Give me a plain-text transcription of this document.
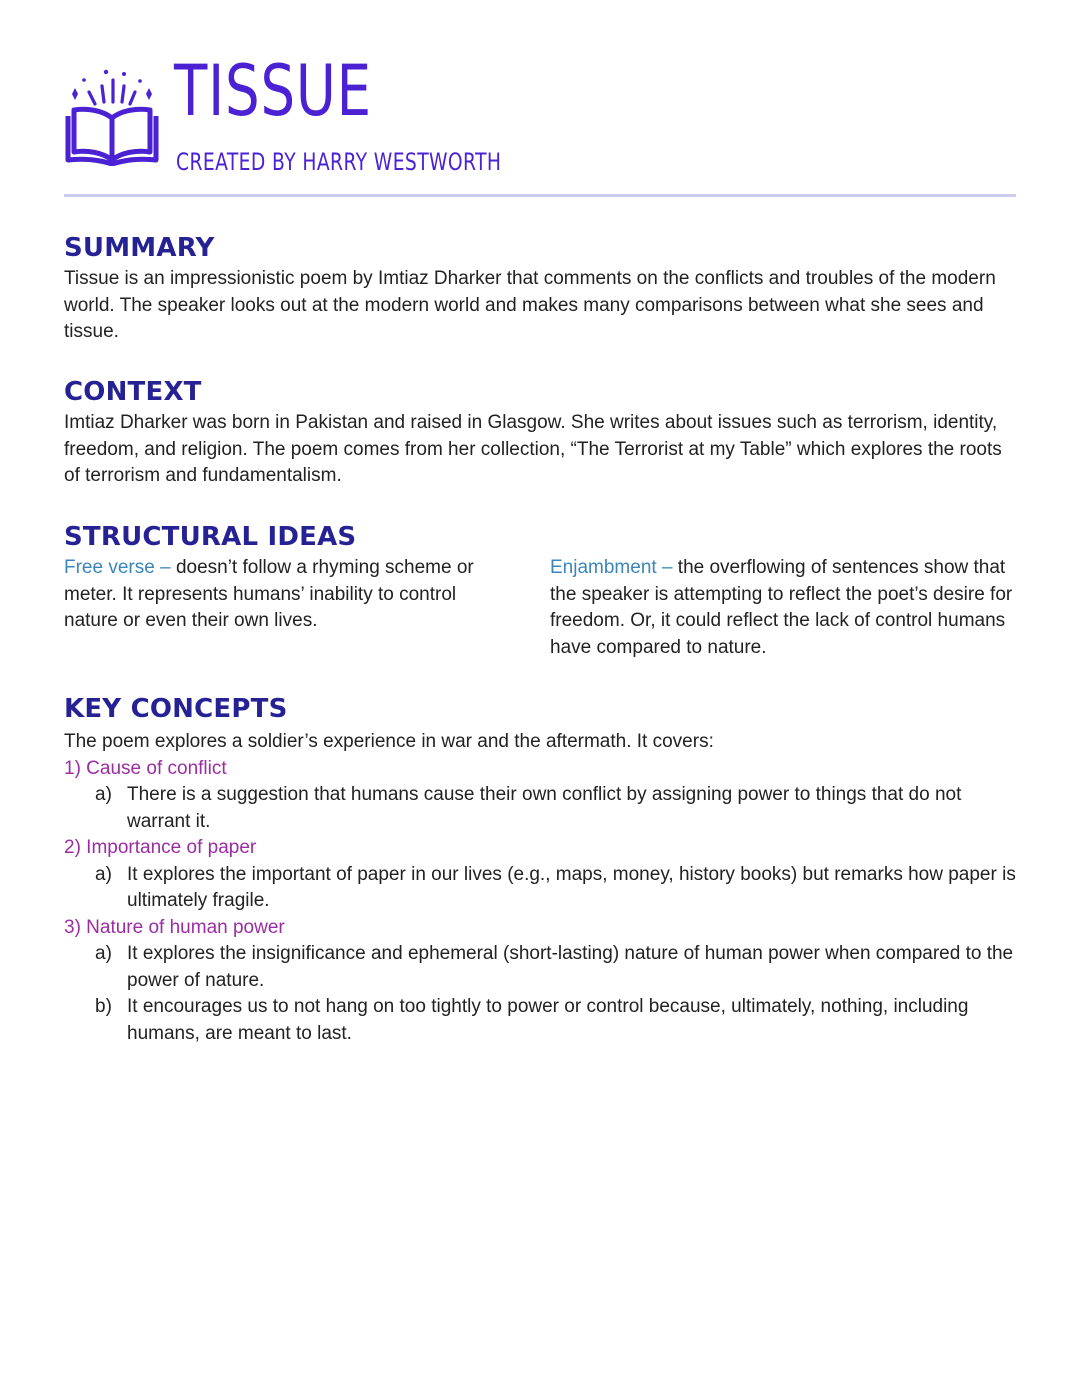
TISSUE
CREATED BY HARRY WESTWORTH
SUMMARY

Tissue is an impressionistic poem by Imtiaz Dharker that comments on the conflicts and troubles of the modern world. The speaker looks out at the modern world and makes many comparisons between what she sees and tissue.

CONTEXT

Imtiaz Dharker was born in Pakistan and raised in Glasgow. She writes about issues such as terrorism, identity, freedom, and religion. The poem comes from her collection, “The Terrorist at my Table” which explores the roots of terrorism and fundamentalism.

STRUCTURAL IDEAS
Free verse – doesn’t follow a rhyming scheme or meter. It represents humans’ inability to control nature or even their own lives.
Enjambment – the overflowing of sentences show that the speaker is attempting to reflect the poet’s desire for freedom. Or, it could reflect the lack of control humans have compared to nature.
KEY CONCEPTS

The poem explores a soldier’s experience in war and the aftermath. It covers:

1) Cause of conflict
a) There is a suggestion that humans cause their own conflict by assigning power to things that do not warrant it.
2) Importance of paper
a) It explores the important of paper in our lives (e.g., maps, money, history books) but remarks how paper is ultimately fragile.
3) Nature of human power
a) It explores the insignificance and ephemeral (short-lasting) nature of human power when compared to the power of nature.
b) It encourages us to not hang on too tightly to power or control because, ultimately, nothing, including humans, are meant to last.
